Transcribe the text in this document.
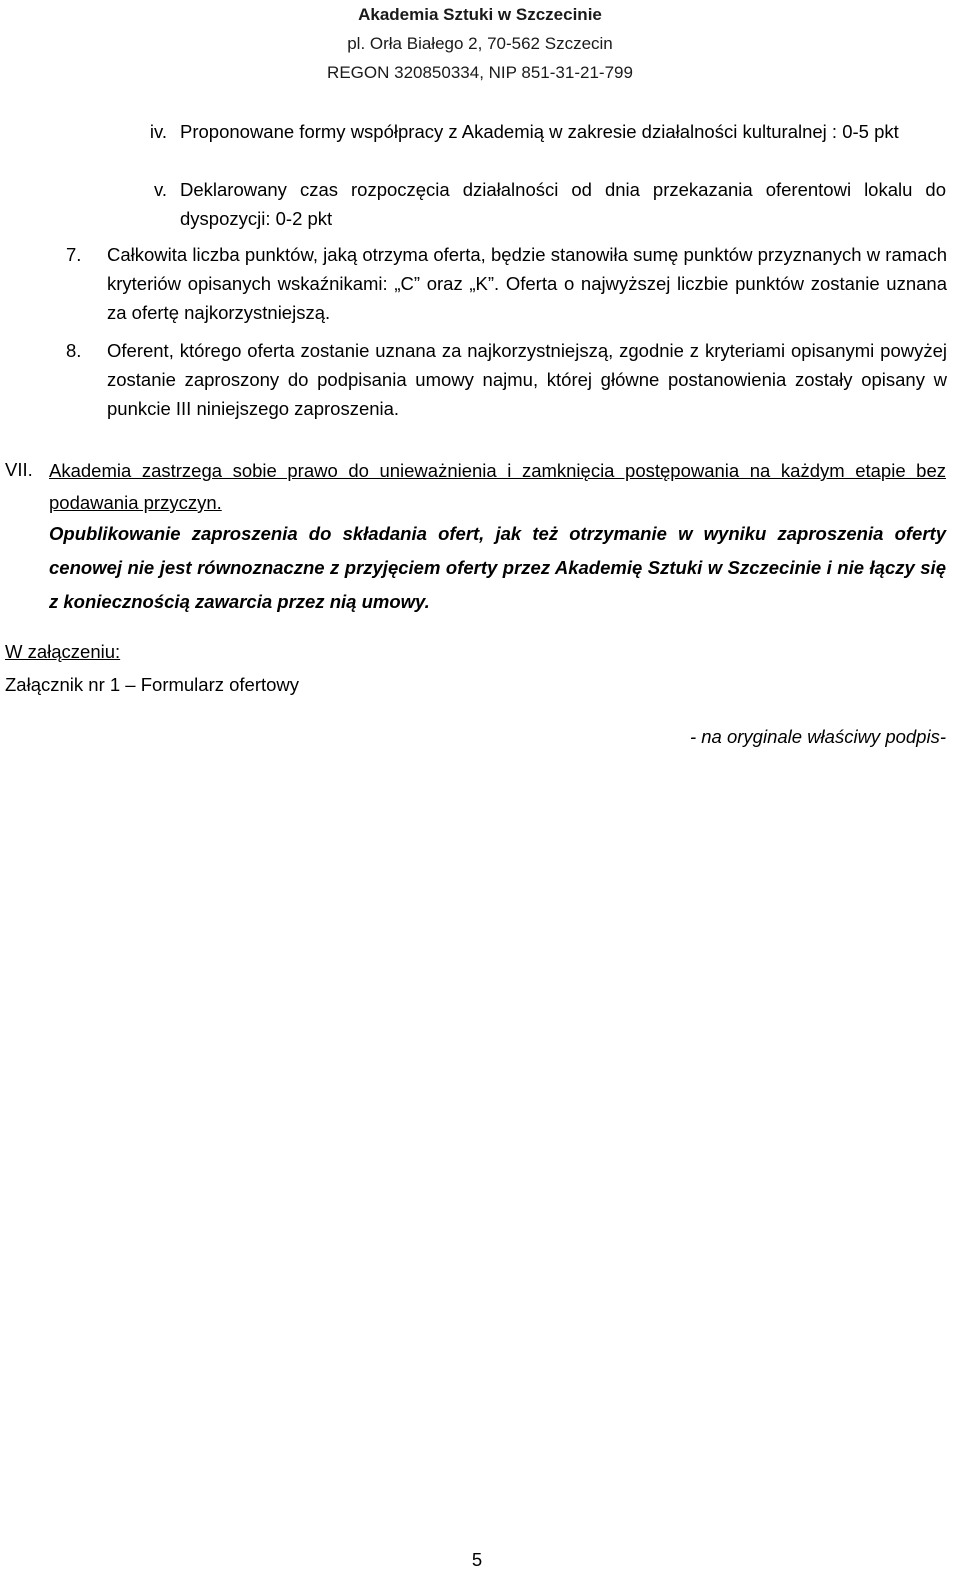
Akademia Sztuki w Szczecinie
pl. Orła Białego 2, 70-562 Szczecin
REGON 320850334, NIP 851-31-21-799
iv. Proponowane formy współpracy z Akademią w zakresie działalności kulturalnej : 0-5 pkt
v. Deklarowany czas rozpoczęcia działalności od dnia przekazania oferentowi lokalu do dyspozycji: 0-2 pkt
7. Całkowita liczba punktów, jaką otrzyma oferta, będzie stanowiła sumę punktów przyznanych w ramach kryteriów opisanych wskaźnikami: „C” oraz „K”. Oferta o najwyższej liczbie punktów zostanie uznana za ofertę najkorzystniejszą.
8. Oferent, którego oferta zostanie uznana za najkorzystniejszą, zgodnie z kryteriami opisanymi powyżej zostanie zaproszony do podpisania umowy najmu, której główne postanowienia zostały opisany w punkcie III niniejszego zaproszenia.
VII. Akademia zastrzega sobie prawo do unieważnienia i zamknięcia postępowania na każdym etapie bez podawania przyczyn.
Opublikowanie zaproszenia do składania ofert, jak też otrzymanie w wyniku zaproszenia oferty cenowej nie jest równoznaczne z przyjęciem oferty przez Akademię Sztuki w Szczecinie i nie łączy się z koniecznością zawarcia przez nią umowy.
W załączeniu:
Załącznik nr 1 – Formularz ofertowy
- na oryginale właściwy podpis-
5
